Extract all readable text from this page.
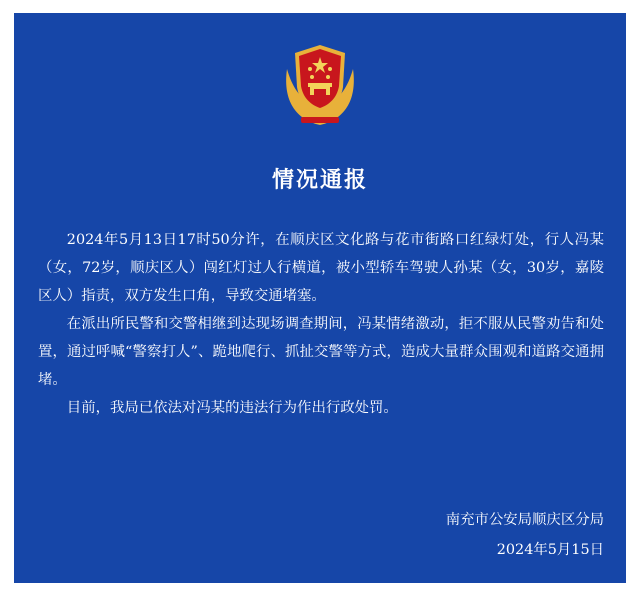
情况通报

2024年5月13日17时50分许，在顺庆区文化路与花市街路口红绿灯处，行人冯某（女，72岁，顺庆区人）闯红灯过人行横道，被小型轿车驾驶人孙某（女，30岁，嘉陵区人）指责，双方发生口角，导致交通堵塞。

在派出所民警和交警相继到达现场调查期间，冯某情绪激动，拒不服从民警劝告和处置，通过呼喊“警察打人”、跪地爬行、抓扯交警等方式，造成大量群众围观和道路交通拥堵。

目前，我局已依法对冯某的违法行为作出行政处罚。

南充市公安局顺庆区分局
2024年5月15日
